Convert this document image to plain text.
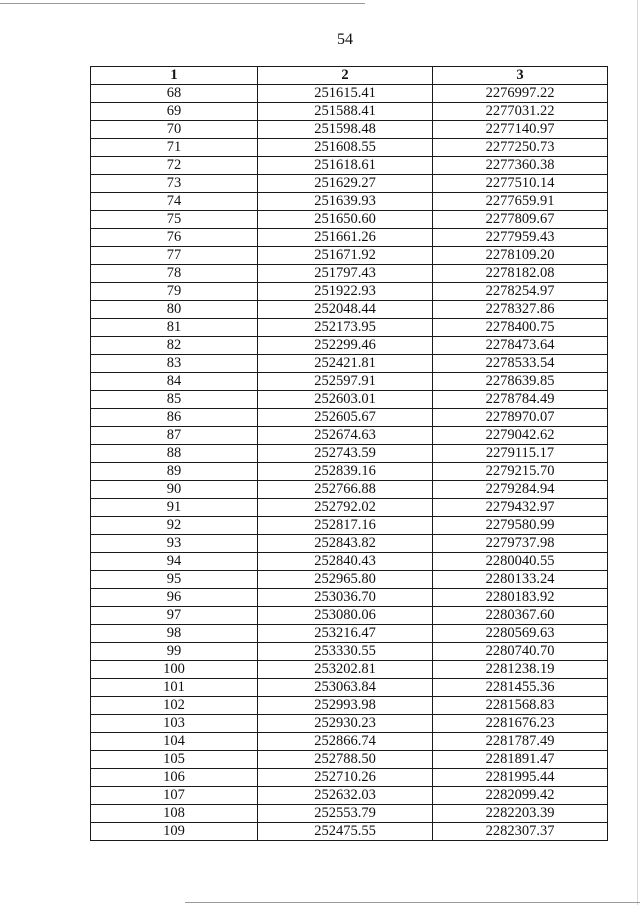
54
1	2	3
68	251615.41	2276997.22
69	251588.41	2277031.22
70	251598.48	2277140.97
71	251608.55	2277250.73
72	251618.61	2277360.38
73	251629.27	2277510.14
74	251639.93	2277659.91
75	251650.60	2277809.67
76	251661.26	2277959.43
77	251671.92	2278109.20
78	251797.43	2278182.08
79	251922.93	2278254.97
80	252048.44	2278327.86
81	252173.95	2278400.75
82	252299.46	2278473.64
83	252421.81	2278533.54
84	252597.91	2278639.85
85	252603.01	2278784.49
86	252605.67	2278970.07
87	252674.63	2279042.62
88	252743.59	2279115.17
89	252839.16	2279215.70
90	252766.88	2279284.94
91	252792.02	2279432.97
92	252817.16	2279580.99
93	252843.82	2279737.98
94	252840.43	2280040.55
95	252965.80	2280133.24
96	253036.70	2280183.92
97	253080.06	2280367.60
98	253216.47	2280569.63
99	253330.55	2280740.70
100	253202.81	2281238.19
101	253063.84	2281455.36
102	252993.98	2281568.83
103	252930.23	2281676.23
104	252866.74	2281787.49
105	252788.50	2281891.47
106	252710.26	2281995.44
107	252632.03	2282099.42
108	252553.79	2282203.39
109	252475.55	2282307.37
